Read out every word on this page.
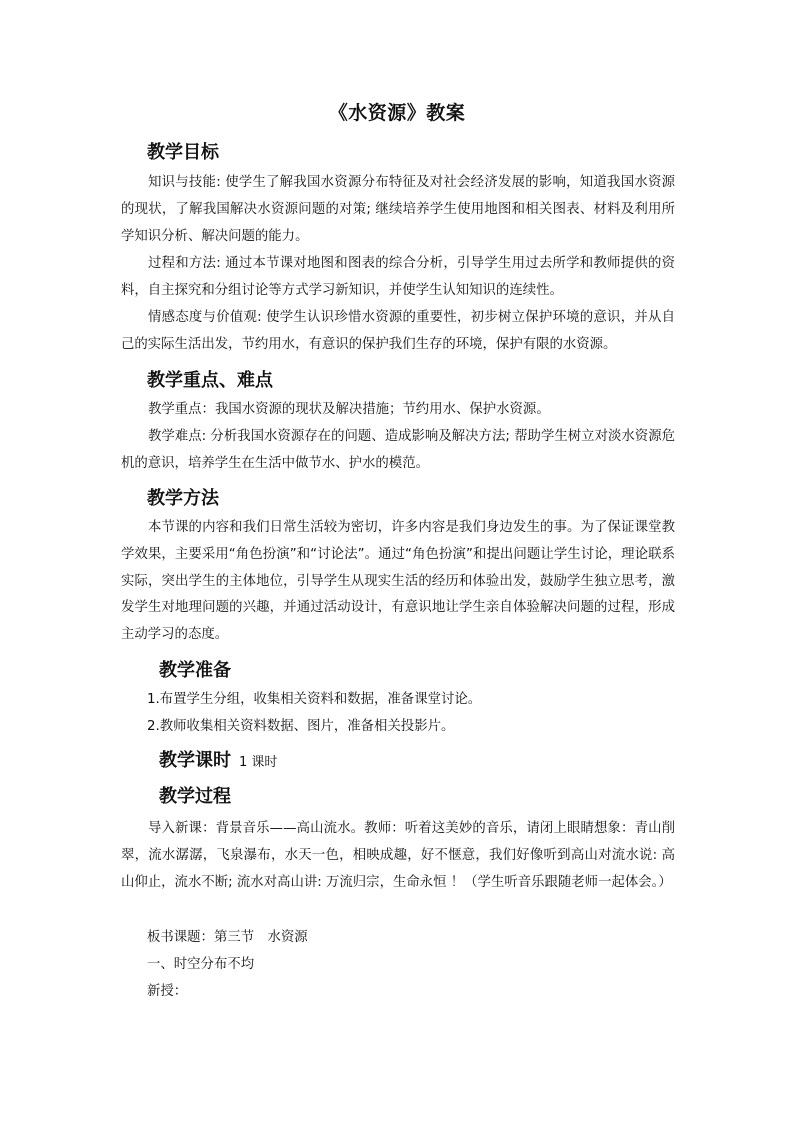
《水资源》教案
教学目标
知识与技能: 使学生了解我国水资源分布特征及对社会经济发展的影响，知道我国水资源的现状，了解我国解决水资源问题的对策; 继续培养学生使用地图和相关图表、材料及利用所学知识分析、解决问题的能力。
过程和方法: 通过本节课对地图和图表的综合分析，引导学生用过去所学和教师提供的资料，自主探究和分组讨论等方式学习新知识，并使学生认知知识的连续性。
情感态度与价值观: 使学生认识珍惜水资源的重要性，初步树立保护环境的意识，并从自己的实际生活出发，节约用水，有意识的保护我们生存的环境，保护有限的水资源。
教学重点、难点
教学重点：我国水资源的现状及解决措施；节约用水、保护水资源。
教学难点: 分析我国水资源存在的问题、造成影响及解决方法; 帮助学生树立对淡水资源危机的意识，培养学生在生活中做节水、护水的模范。
教学方法
本节课的内容和我们日常生活较为密切，许多内容是我们身边发生的事。为了保证课堂教学效果，主要采用“角色扮演”和“讨论法”。通过“角色扮演”和提出问题让学生讨论，理论联系实际，突出学生的主体地位，引导学生从现实生活的经历和体验出发，鼓励学生独立思考，激发学生对地理问题的兴趣，并通过活动设计，有意识地让学生亲自体验解决问题的过程，形成主动学习的态度。
教学准备
1.布置学生分组，收集相关资料和数据，准备课堂讨论。
2.教师收集相关资料数据、图片，准备相关投影片。
教学课时 1 课时
教学过程
导入新课：背景音乐——高山流水。教师：听着这美妙的音乐，请闭上眼睛想象：青山削翠，流水潺潺，飞泉瀑布，水天一色，相映成趣，好不惬意，我们好像听到高山对流水说: 高山仰止，流水不断; 流水对高山讲: 万流归宗，生命永恒 ！（学生听音乐跟随老师一起体会。）
板书课题：第三节　水资源
一、时空分布不均
新授：
